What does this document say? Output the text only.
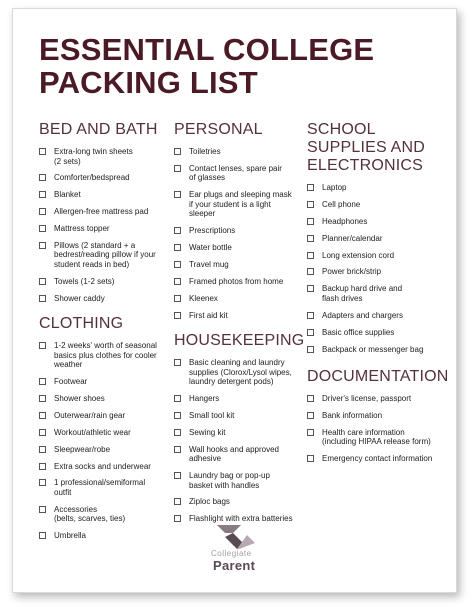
ESSENTIAL COLLEGE
PACKING LIST
BED AND BATH
Extra-long twin sheets
(2 sets)
Comforter/bedspread
Blanket
Allergen-free mattress pad
Mattress topper
Pillows (2 standard + a
bedrest/reading pillow if your
student reads in bed)
Towels (1-2 sets)
Shower caddy
CLOTHING
1-2 weeks' worth of seasonal
basics plus clothes for cooler
weather
Footwear
Shower shoes
Outerwear/rain gear
Workout/athletic wear
Sleepwear/robe
Extra socks and underwear
1 professional/semiformal
outfit
Accessories
(belts, scarves, ties)
Umbrella
PERSONAL
Toiletries
Contact lenses, spare pair
of glasses
Ear plugs and sleeping mask
if your student is a light
sleeper
Prescriptions
Water bottle
Travel mug
Framed photos from home
Kleenex
First aid kit
HOUSEKEEPING
Basic cleaning and laundry
supplies (Clorox/Lysol wipes,
laundry detergent pods)
Hangers
Small tool kit
Sewing kit
Wall hooks and approved
adhesive
Laundry bag or pop-up
basket with handles
Ziploc bags
Flashlight with extra batteries
SCHOOL
SUPPLIES AND
ELECTRONICS
Laptop
Cell phone
Headphones
Planner/calendar
Long extension cord
Power brick/strip
Backup hard drive and
flash drives
Adapters and chargers
Basic office supplies
Backpack or messenger bag
DOCUMENTATION
Driver's license, passport
Bank information
Health care information
(including HIPAA release form)
Emergency contact information
Collegiate
Parent
